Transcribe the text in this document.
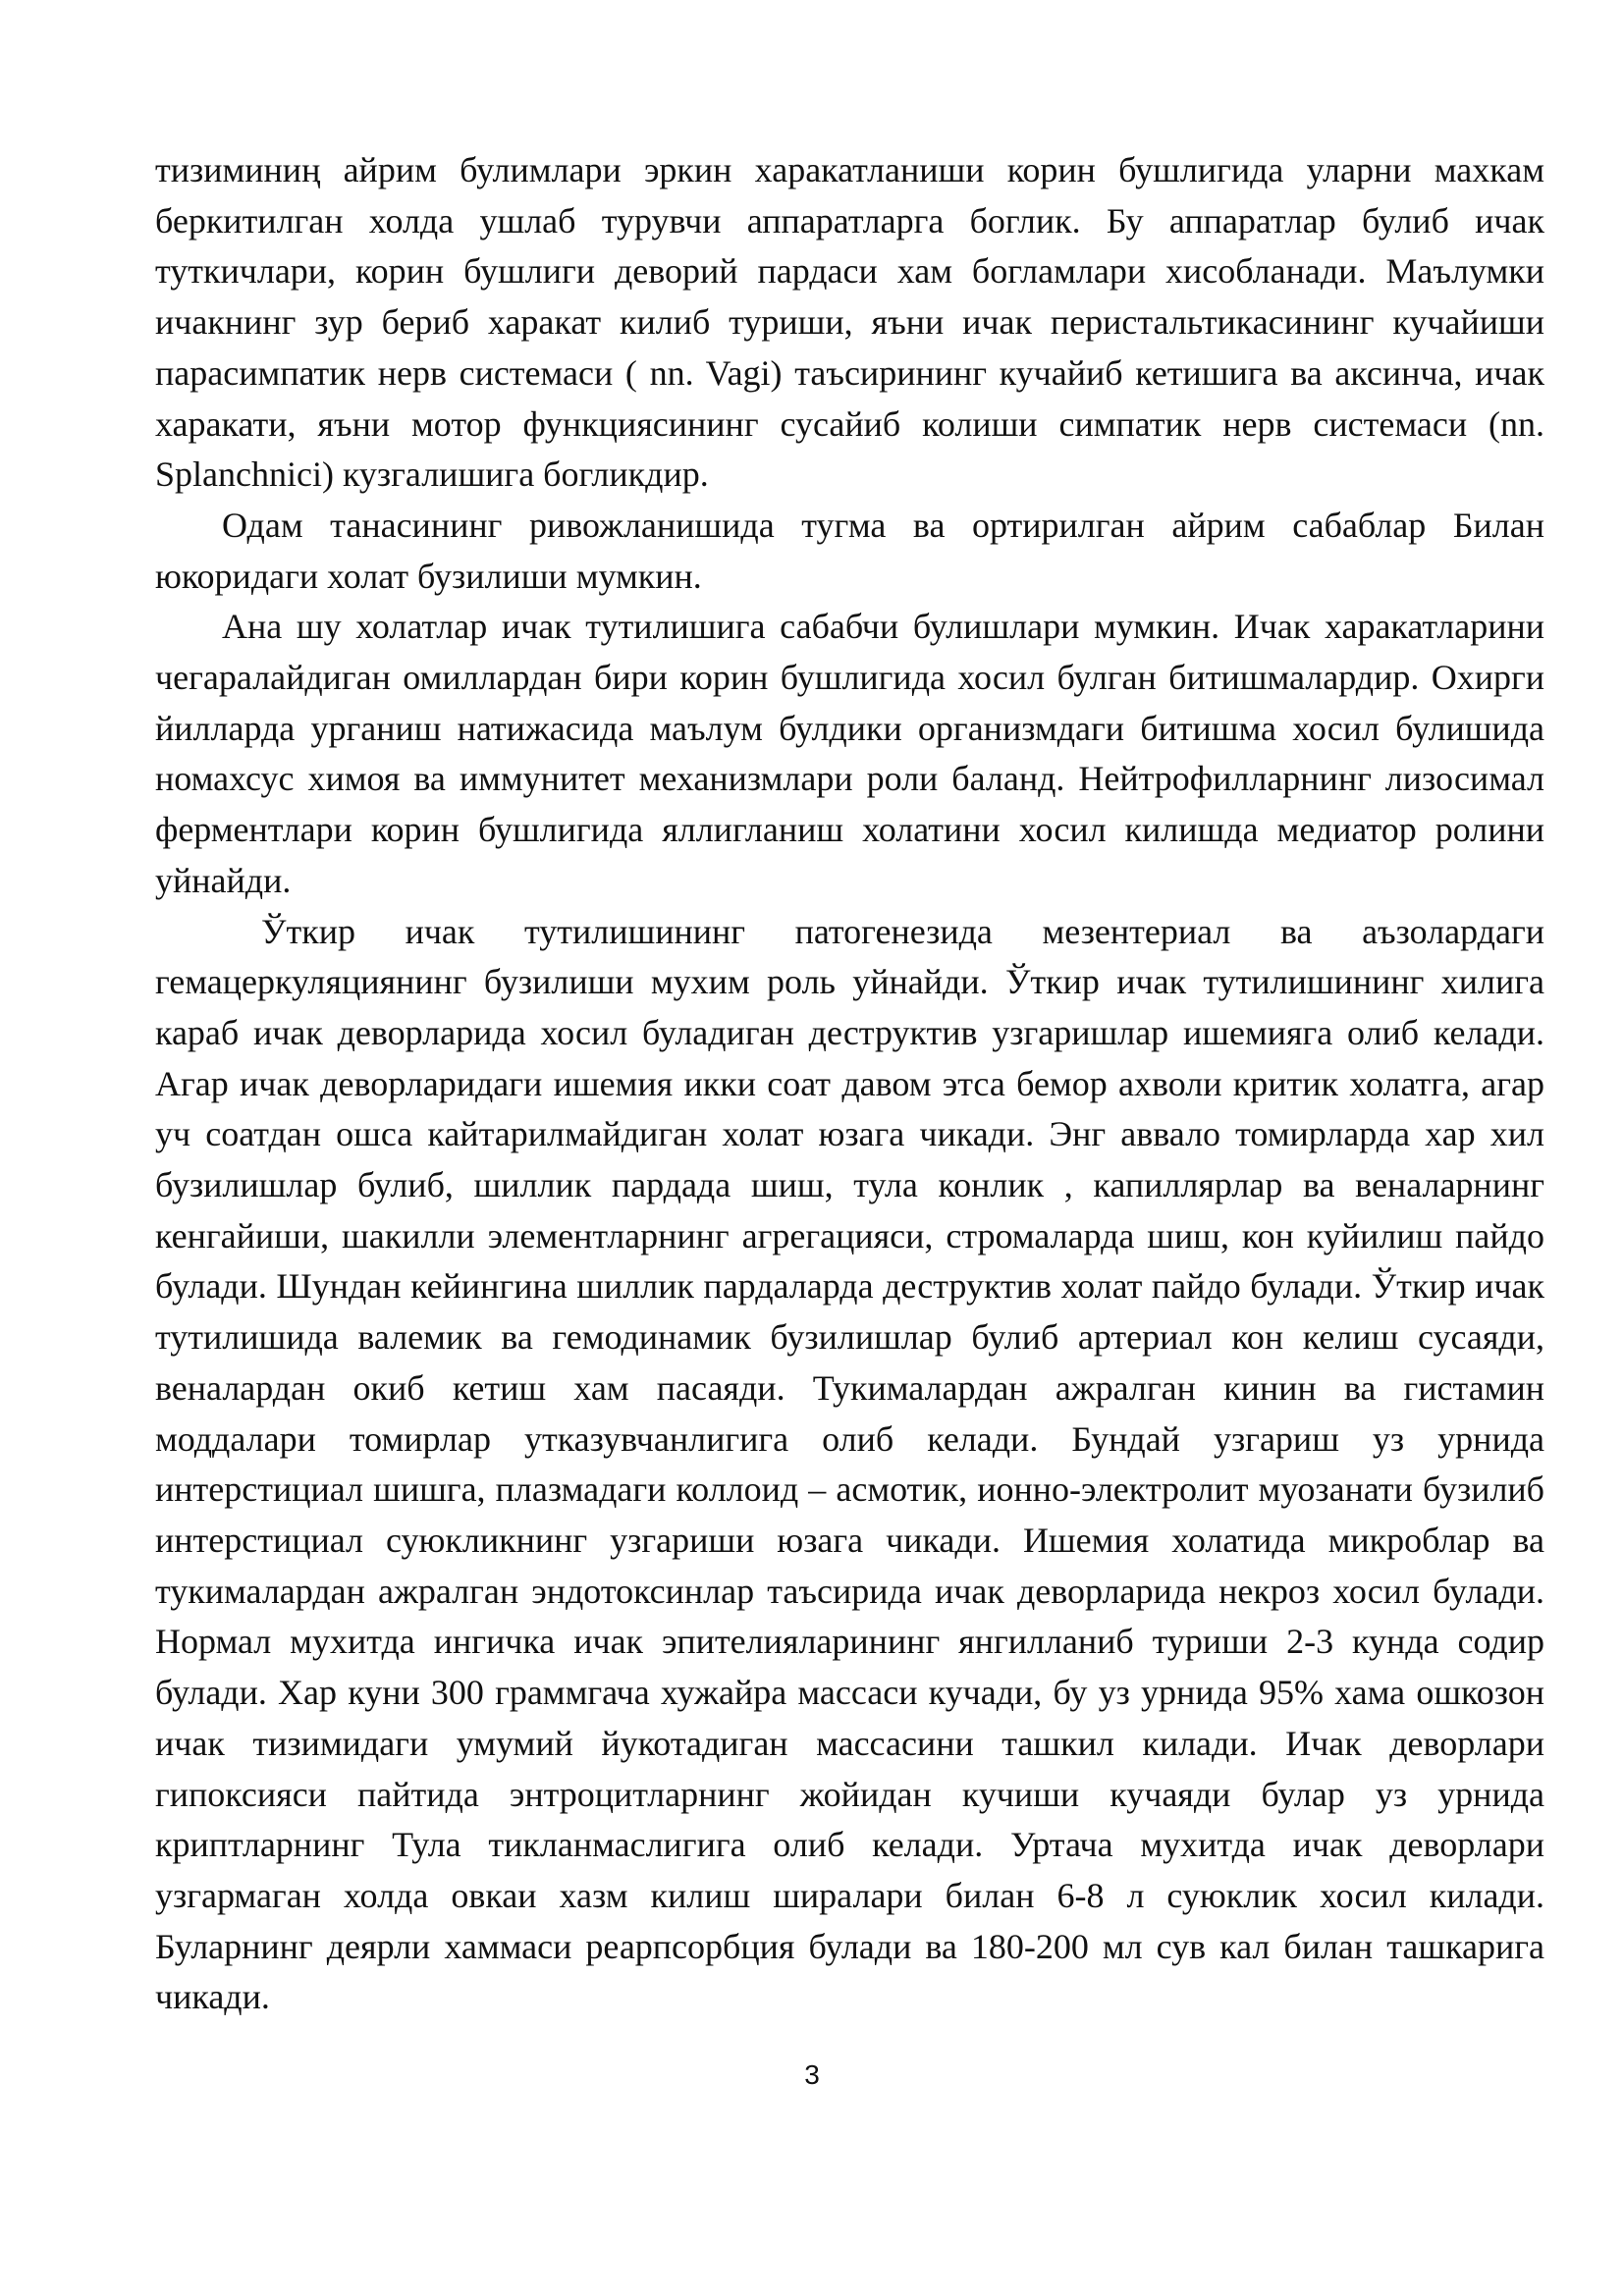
тизиминиң айрим булимлари эркин харакатланиши корин бушлигида уларни махкам беркитилган холда ушлаб турувчи аппаратларга боглик. Бу аппаратлар булиб ичак туткичлари, корин бушлиги деворий пардаси хам богламлари хисобланади. Маълумки ичакнинг зур бериб харакат килиб туриши, яъни ичак перистальтикасининг кучайиши парасимпатик нерв системаси ( nn. Vagi) таъсирининг кучайиб кетишига ва аксинча, ичак харакати, яъни мотор функциясининг сусайиб колиши симпатик нерв системаси (nn. Splanchnici) кузгалишига богликдир.

Одам танасининг ривожланишида тугма ва ортирилган айрим сабаблар Билан юкоридаги холат бузилиши мумкин.

Ана шу холатлар ичак тутилишига сабабчи булишлари мумкин. Ичак харакатларини чегаралайдиган омиллардан бири корин бушлигида хосил булган битишмалардир. Охирги йилларда урганиш натижасида маълум булдики организмдаги битишма хосил булишида номахсус химоя ва иммунитет механизмлари роли баланд. Нейтрофилларнинг лизосимал ферментлари корин бушлигида яллигланиш холатини хосил килишда медиатор ролини уйнайди.

Ўткир ичак тутилишининг патогенезида мезентериал ва аъзолардаги гемацеркуляциянинг бузилиши мухим роль уйнайди. Ўткир ичак тутилишининг хилига караб ичак деворларида хосил буладиган деструктив узгаришлар ишемияга олиб келади. Агар ичак деворларидаги ишемия икки соат давом этса бемор ахволи критик холатга, агар уч соатдан ошса кайтарилмайдиган холат юзага чикади. Энг аввало томирларда хар хил бузилишлар булиб, шиллик пардада шиш, тула конлик , капиллярлар ва веналарнинг кенгайиши, шакилли элементларнинг агрегацияси, стромаларда шиш, кон куйилиш пайдо булади. Шундан кейингина шиллик пардаларда деструктив холат пайдо булади. Ўткир ичак тутилишида валемик ва гемодинамик бузилишлар булиб артериал кон келиш сусаяди, веналардан окиб кетиш хам пасаяди. Тукималардан ажралган кинин ва гистамин моддалари томирлар утказувчанлигига олиб келади. Бундай узгариш уз урнида интерстициал шишга, плазмадаги коллоид – асмотик, ионно-электролит муозанати бузилиб интерстициал суюкликнинг узгариши юзага чикади. Ишемия холатида микроблар ва тукималардан ажралган эндотоксинлар таъсирида ичак деворларида некроз хосил булади. Нормал мухитда ингичка ичак эпителияларининг янгилланиб туриши 2-3 кунда содир булади. Хар куни 300 граммгача хужайра массаси кучади, бу уз урнида 95% хама ошкозон ичак тизимидаги умумий йукотадиган массасини ташкил килади. Ичак деворлари гипоксияси пайтида энтроцитларнинг жойидан кучиши кучаяди булар уз урнида криптларнинг Тула тикланмаслигига олиб келади. Уртача мухитда ичак деворлари узгармаган холда овкаи хазм килиш ширалари билан 6-8 л суюклик хосил килади. Буларнинг деярли хаммаси реарпсорбция булади ва 180-200 мл сув кал билан ташкарига чикади.

3
